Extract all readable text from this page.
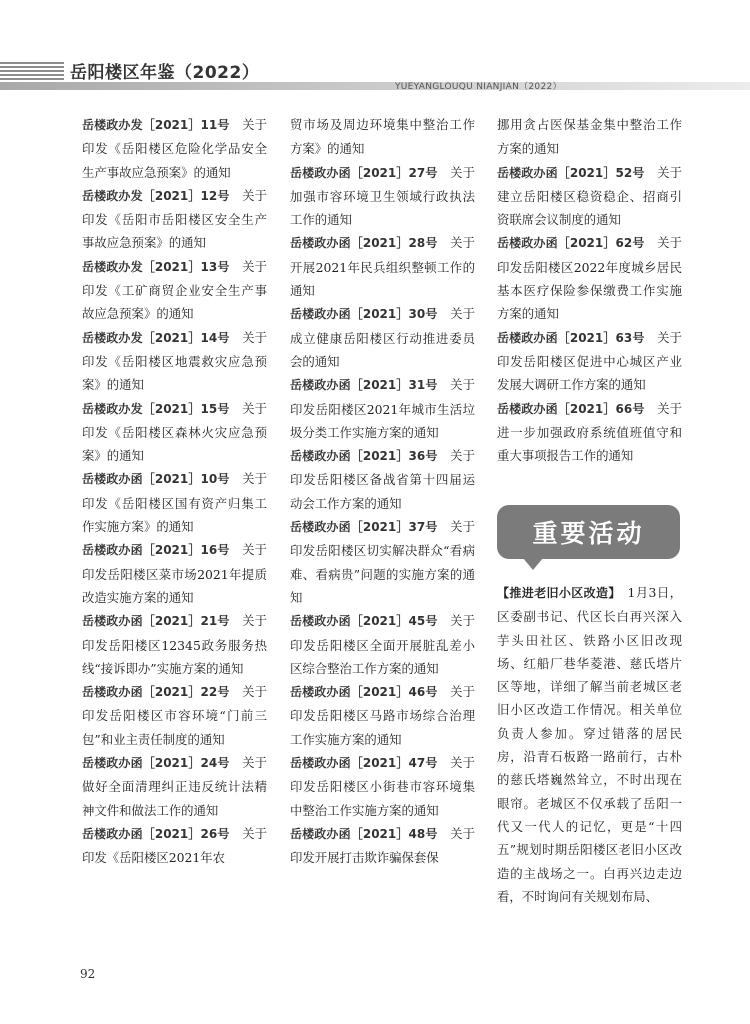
岳阳楼区年鉴（2022）
YUEYANGLOUQU NIANJIAN（2022）
岳楼政办发［2021］11号　关于印发《岳阳楼区危险化学品安全生产事故应急预案》的通知
岳楼政办发［2021］12号　关于印发《岳阳市岳阳楼区安全生产事故应急预案》的通知
岳楼政办发［2021］13号　关于印发《工矿商贸企业安全生产事故应急预案》的通知
岳楼政办发［2021］14号　关于印发《岳阳楼区地震救灾应急预案》的通知
岳楼政办发［2021］15号　关于印发《岳阳楼区森林火灾应急预案》的通知
岳楼政办函［2021］10号　关于印发《岳阳楼区国有资产归集工作实施方案》的通知
岳楼政办函［2021］16号　关于印发岳阳楼区菜市场2021年提质改造实施方案的通知
岳楼政办函［2021］21号　关于印发岳阳楼区12345政务服务热线“接诉即办”实施方案的通知
岳楼政办函［2021］22号　关于印发岳阳楼区市容环境“门前三包”和业主责任制度的通知
岳楼政办函［2021］24号　关于做好全面清理纠正违反统计法精神文件和做法工作的通知
岳楼政办函［2021］26号　关于印发《岳阳楼区2021年农
贸市场及周边环境集中整治工作方案》的通知
岳楼政办函［2021］27号　关于加强市容环境卫生领域行政执法工作的通知
岳楼政办函［2021］28号　关于开展2021年民兵组织整顿工作的通知
岳楼政办函［2021］30号　关于成立健康岳阳楼区行动推进委员会的通知
岳楼政办函［2021］31号　关于印发岳阳楼区2021年城市生活垃圾分类工作实施方案的通知
岳楼政办函［2021］36号　关于印发岳阳楼区备战省第十四届运动会工作方案的通知
岳楼政办函［2021］37号　关于印发岳阳楼区切实解决群众“看病难、看病贵”问题的实施方案的通知
岳楼政办函［2021］45号　关于印发岳阳楼区全面开展脏乱差小区综合整治工作方案的通知
岳楼政办函［2021］46号　关于印发岳阳楼区马路市场综合治理工作实施方案的通知
岳楼政办函［2021］47号　关于印发岳阳楼区小街巷市容环境集中整治工作实施方案的通知
岳楼政办函［2021］48号　关于印发开展打击欺诈骗保套保
挪用贪占医保基金集中整治工作方案的通知
岳楼政办函［2021］52号　关于建立岳阳楼区稳资稳企、招商引资联席会议制度的通知
岳楼政办函［2021］62号　关于印发岳阳楼区2022年度城乡居民基本医疗保险参保缴费工作实施方案的通知
岳楼政办函［2021］63号　关于印发岳阳楼区促进中心城区产业发展大调研工作方案的通知
岳楼政办函［2021］66号　关于进一步加强政府系统值班值守和重大事项报告工作的通知
重要活动
【推进老旧小区改造】　1月3日，区委副书记、代区长白再兴深入芋头田社区、铁路小区旧改现场、红船厂巷华菱港、慈氏塔片区等地，详细了解当前老城区老旧小区改造工作情况。相关单位负责人参加。穿过错落的居民房，沿青石板路一路前行，古朴的慈氏塔巍然耸立，不时出现在眼帘。老城区不仅承载了岳阳一代又一代人的记忆，更是“十四五”规划时期岳阳楼区老旧小区改造的主战场之一。白再兴边走边看，不时询问有关规划布局、
92
